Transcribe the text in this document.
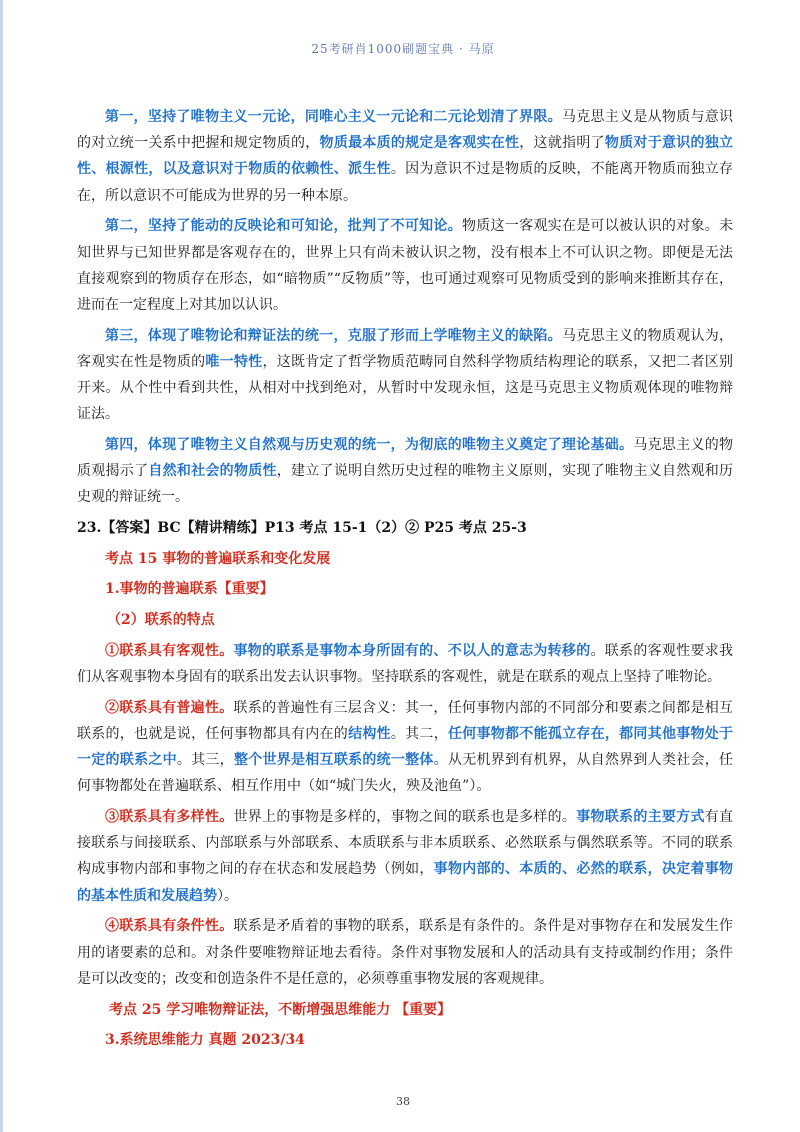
25考研肖1000刷题宝典 · 马原

第一，坚持了唯物主义一元论，同唯心主义一元论和二元论划清了界限。马克思主义是从物质与意识的对立统一关系中把握和规定物质的，物质最本质的规定是客观实在性，这就指明了物质对于意识的独立性、根源性，以及意识对于物质的依赖性、派生性。因为意识不过是物质的反映，不能离开物质而独立存在，所以意识不可能成为世界的另一种本原。

第二，坚持了能动的反映论和可知论，批判了不可知论。物质这一客观实在是可以被认识的对象。未知世界与已知世界都是客观存在的，世界上只有尚未被认识之物，没有根本上不可认识之物。即便是无法直接观察到的物质存在形态，如“暗物质”“反物质”等，也可通过观察可见物质受到的影响来推断其存在，进而在一定程度上对其加以认识。

第三，体现了唯物论和辩证法的统一，克服了形而上学唯物主义的缺陷。马克思主义的物质观认为，客观实在性是物质的唯一特性，这既肯定了哲学物质范畴同自然科学物质结构理论的联系，又把二者区别开来。从个性中看到共性，从相对中找到绝对，从暂时中发现永恒，这是马克思主义物质观体现的唯物辩证法。

第四，体现了唯物主义自然观与历史观的统一，为彻底的唯物主义奠定了理论基础。马克思主义的物质观揭示了自然和社会的物质性，建立了说明自然历史过程的唯物主义原则，实现了唯物主义自然观和历史观的辩证统一。

23.【答案】BC【精讲精练】P13 考点 15-1（2）② P25 考点 25-3

考点 15 事物的普遍联系和变化发展
1.事物的普遍联系【重要】
（2）联系的特点

①联系具有客观性。事物的联系是事物本身所固有的、不以人的意志为转移的。联系的客观性要求我们从客观事物本身固有的联系出发去认识事物。坚持联系的客观性，就是在联系的观点上坚持了唯物论。

②联系具有普遍性。联系的普遍性有三层含义：其一，任何事物内部的不同部分和要素之间都是相互联系的，也就是说，任何事物都具有内在的结构性。其二，任何事物都不能孤立存在，都同其他事物处于一定的联系之中。其三，整个世界是相互联系的统一整体。从无机界到有机界，从自然界到人类社会，任何事物都处在普遍联系、相互作用中（如“城门失火，殃及池鱼”）。

③联系具有多样性。世界上的事物是多样的，事物之间的联系也是多样的。事物联系的主要方式有直接联系与间接联系、内部联系与外部联系、本质联系与非本质联系、必然联系与偶然联系等。不同的联系构成事物内部和事物之间的存在状态和发展趋势（例如，事物内部的、本质的、必然的联系，决定着事物的基本性质和发展趋势）。

④联系具有条件性。联系是矛盾着的事物的联系，联系是有条件的。条件是对事物存在和发展发生作用的诸要素的总和。对条件要唯物辩证地去看待。条件对事物发展和人的活动具有支持或制约作用；条件是可以改变的；改变和创造条件不是任意的，必须尊重事物发展的客观规律。

考点 25 学习唯物辩证法，不断增强思维能力 【重要】
3.系统思维能力 真题 2023/34
38
